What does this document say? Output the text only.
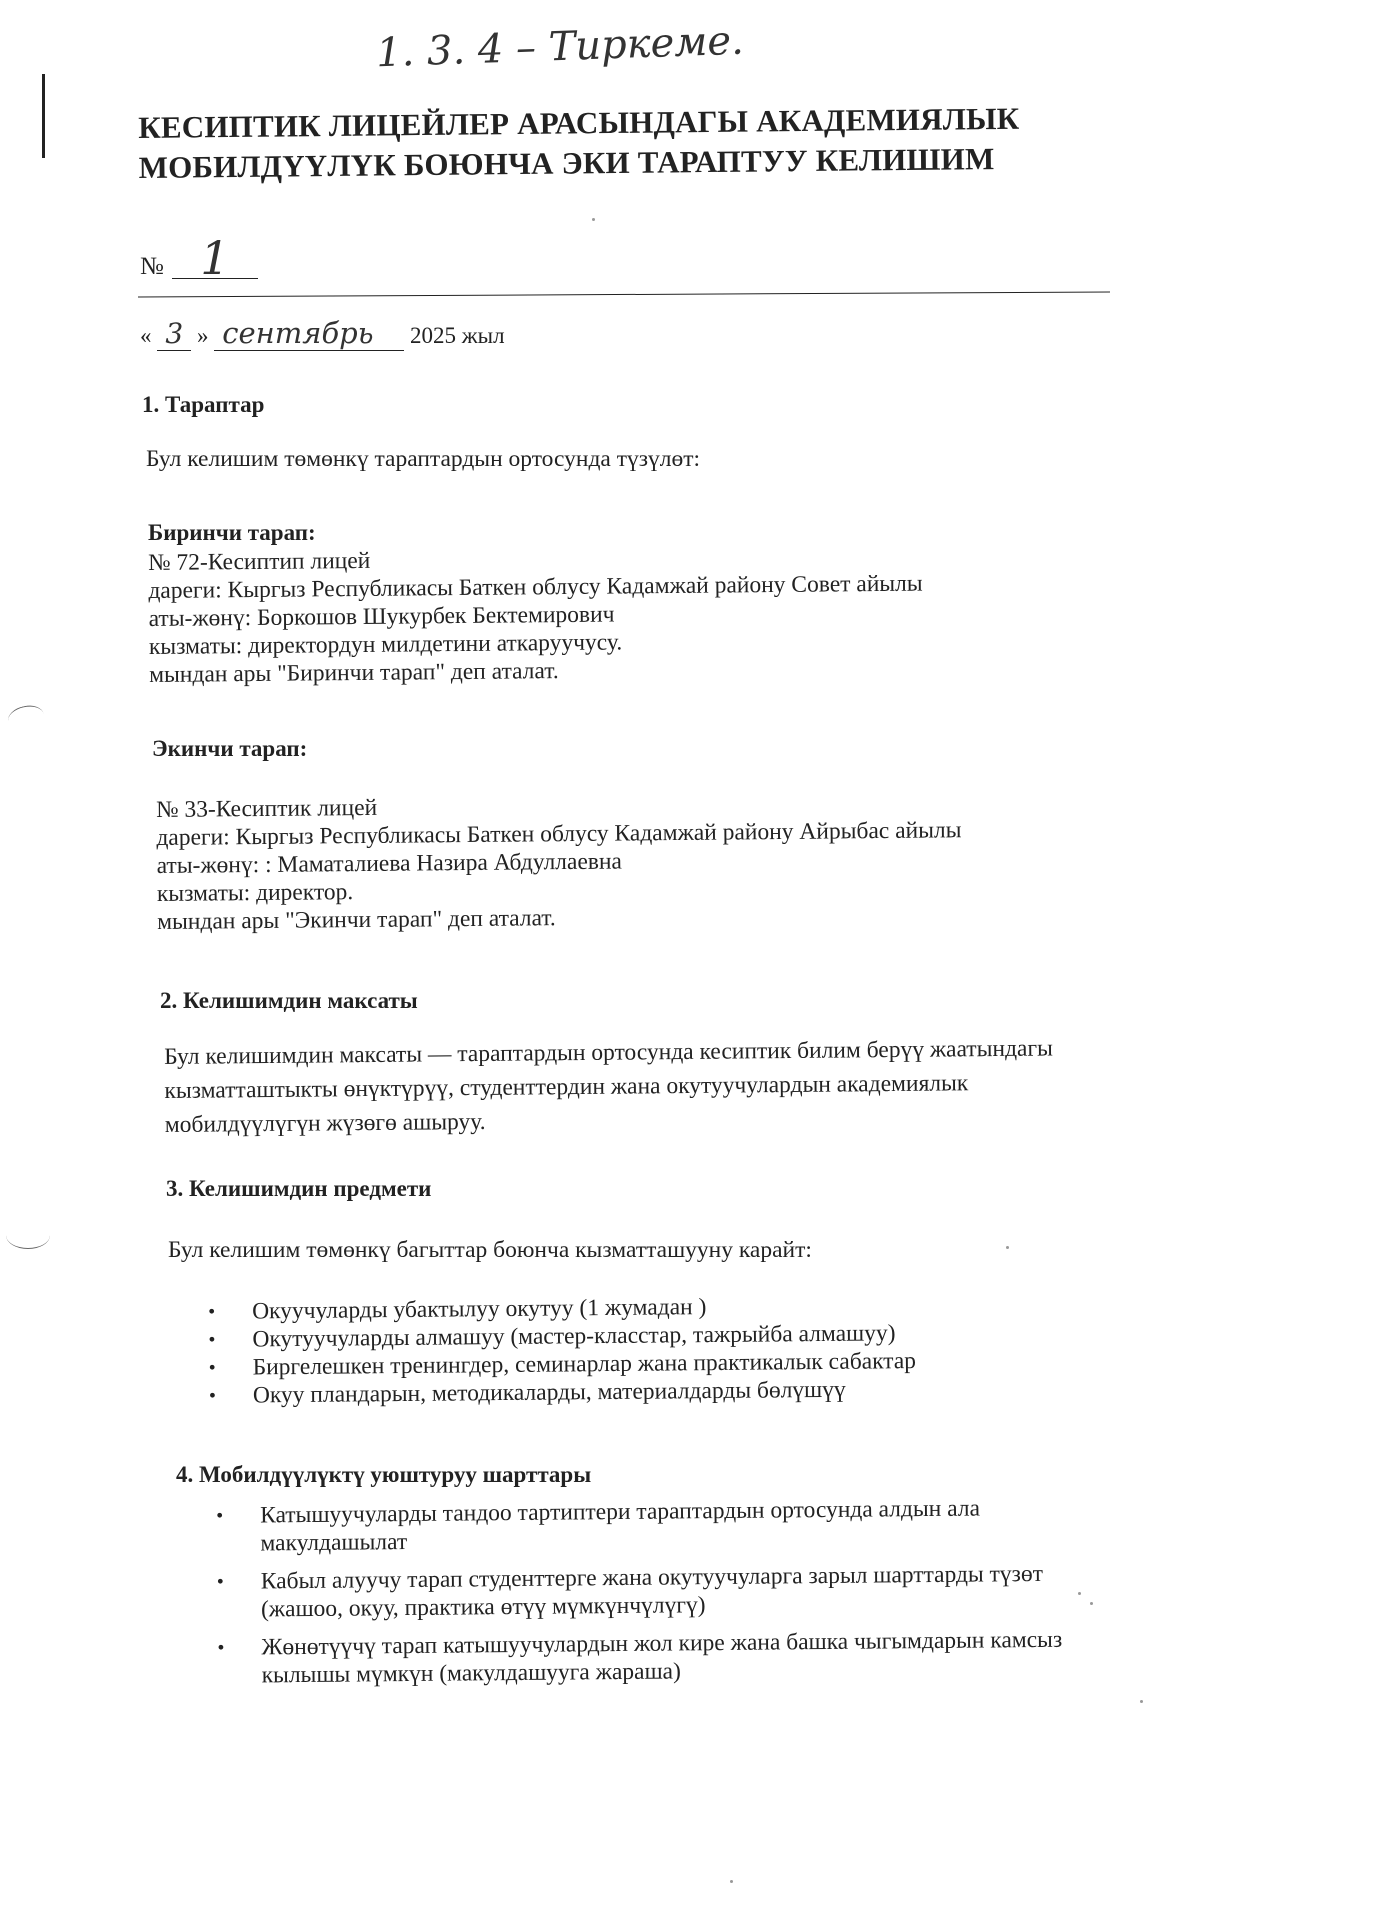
1. 3. 4 – Тиркеме.
КЕСИПТИК ЛИЦЕЙЛЕР АРАСЫНДАГЫ АКАДЕМИЯЛЫК
МОБИЛДҮҮЛҮК БОЮНЧА ЭКИ ТАРАПТУУ КЕЛИШИМ
№ 1
« 3 » сентябрь 2025 жыл
1. Тараптар
Бул келишим төмөнкү тараптардын ортосунда түзүлөт:
Биринчи тарап:
№ 72-Кесиптип лицей
дареги: Кыргыз Республикасы Баткен облусу Кадамжай району Совет айылы
аты-жөнү: Боркошов Шукурбек Бектемирович
кызматы: директордун милдетини аткаруучусу.
мындан ары "Биринчи тарап" деп аталат.
Экинчи тарап:
№ 33-Кесиптик лицей
дареги: Кыргыз Республикасы Баткен облусу Кадамжай району Айрыбас айылы
аты-жөнү: : Маматалиева Назира Абдуллаевна
кызматы: директор.
мындан ары "Экинчи тарап" деп аталат.
2. Келишимдин максаты
Бул келишимдин максаты — тараптардын ортосунда кесиптик билим берүү жаатындагы
кызматташтыкты өнүктүрүү, студенттердин жана окутуучулардын академиялык
мобилдүүлүгүн жүзөгө ашыруу.
3. Келишимдин предмети
Бул келишим төмөнкү багыттар боюнча кызматташууну карайт:
• Окуучуларды убактылуу окутуу (1 жумадан )
• Окутуучуларды алмашуу (мастер-класстар, тажрыйба алмашуу)
• Биргелешкен тренингдер, семинарлар жана практикалык сабактар
• Окуу пландарын, методикаларды, материалдарды бөлүшүү
4. Мобилдүүлүктү уюштуруу шарттары
• Катышуучуларды тандоо тартиптери тараптардын ортосунда алдын ала
макулдашылат
• Кабыл алуучу тарап студенттерге жана окутуучуларга зарыл шарттарды түзөт
(жашоо, окуу, практика өтүү мүмкүнчүлүгү)
• Жөнөтүүчү тарап катышуучулардын жол кире жана башка чыгымдарын камсыз
кылышы мүмкүн (макулдашууга жараша)
